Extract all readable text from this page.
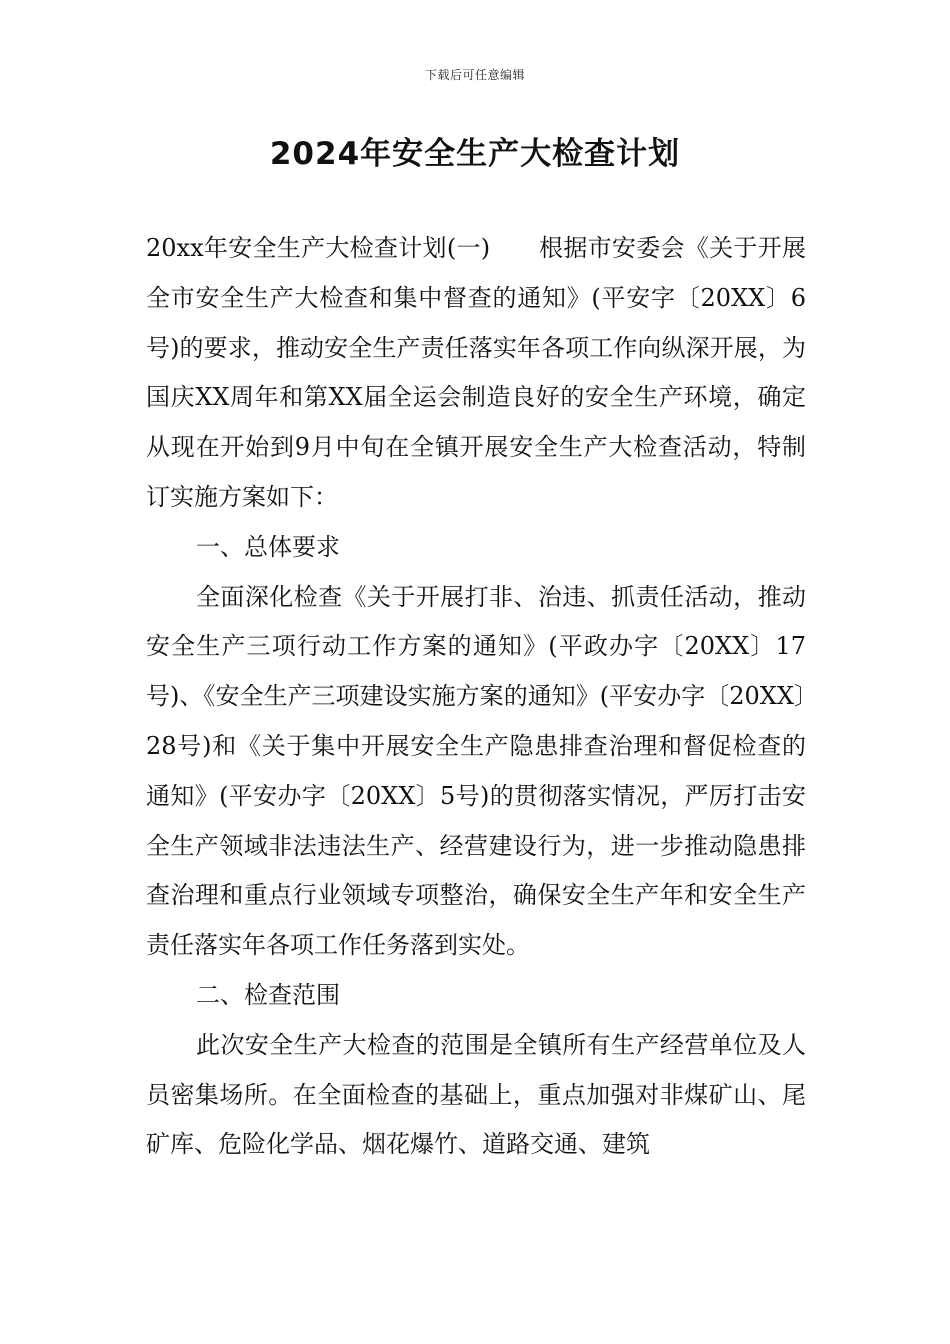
下载后可任意编辑
2024年安全生产大检查计划

20xx年安全生产大检查计划(一)　　根据市安委会《关于开展全市安全生产大检查和集中督查的通知》(平安字〔20XX〕6号)的要求，推动安全生产责任落实年各项工作向纵深开展，为国庆XX周年和第XX届全运会制造良好的安全生产环境，确定从现在开始到9月中旬在全镇开展安全生产大检查活动，特制订实施方案如下：

一、总体要求

全面深化检查《关于开展打非、治违、抓责任活动，推动安全生产三项行动工作方案的通知》(平政办字〔20XX〕17号)、《安全生产三项建设实施方案的通知》(平安办字〔20XX〕28号)和《关于集中开展安全生产隐患排查治理和督促检查的通知》(平安办字〔20XX〕5号)的贯彻落实情况，严厉打击安全生产领域非法违法生产、经营建设行为，进一步推动隐患排查治理和重点行业领域专项整治，确保安全生产年和安全生产责任落实年各项工作任务落到实处。

二、检查范围

此次安全生产大检查的范围是全镇所有生产经营单位及人员密集场所。在全面检查的基础上，重点加强对非煤矿山、尾矿库、危险化学品、烟花爆竹、道路交通、建筑
